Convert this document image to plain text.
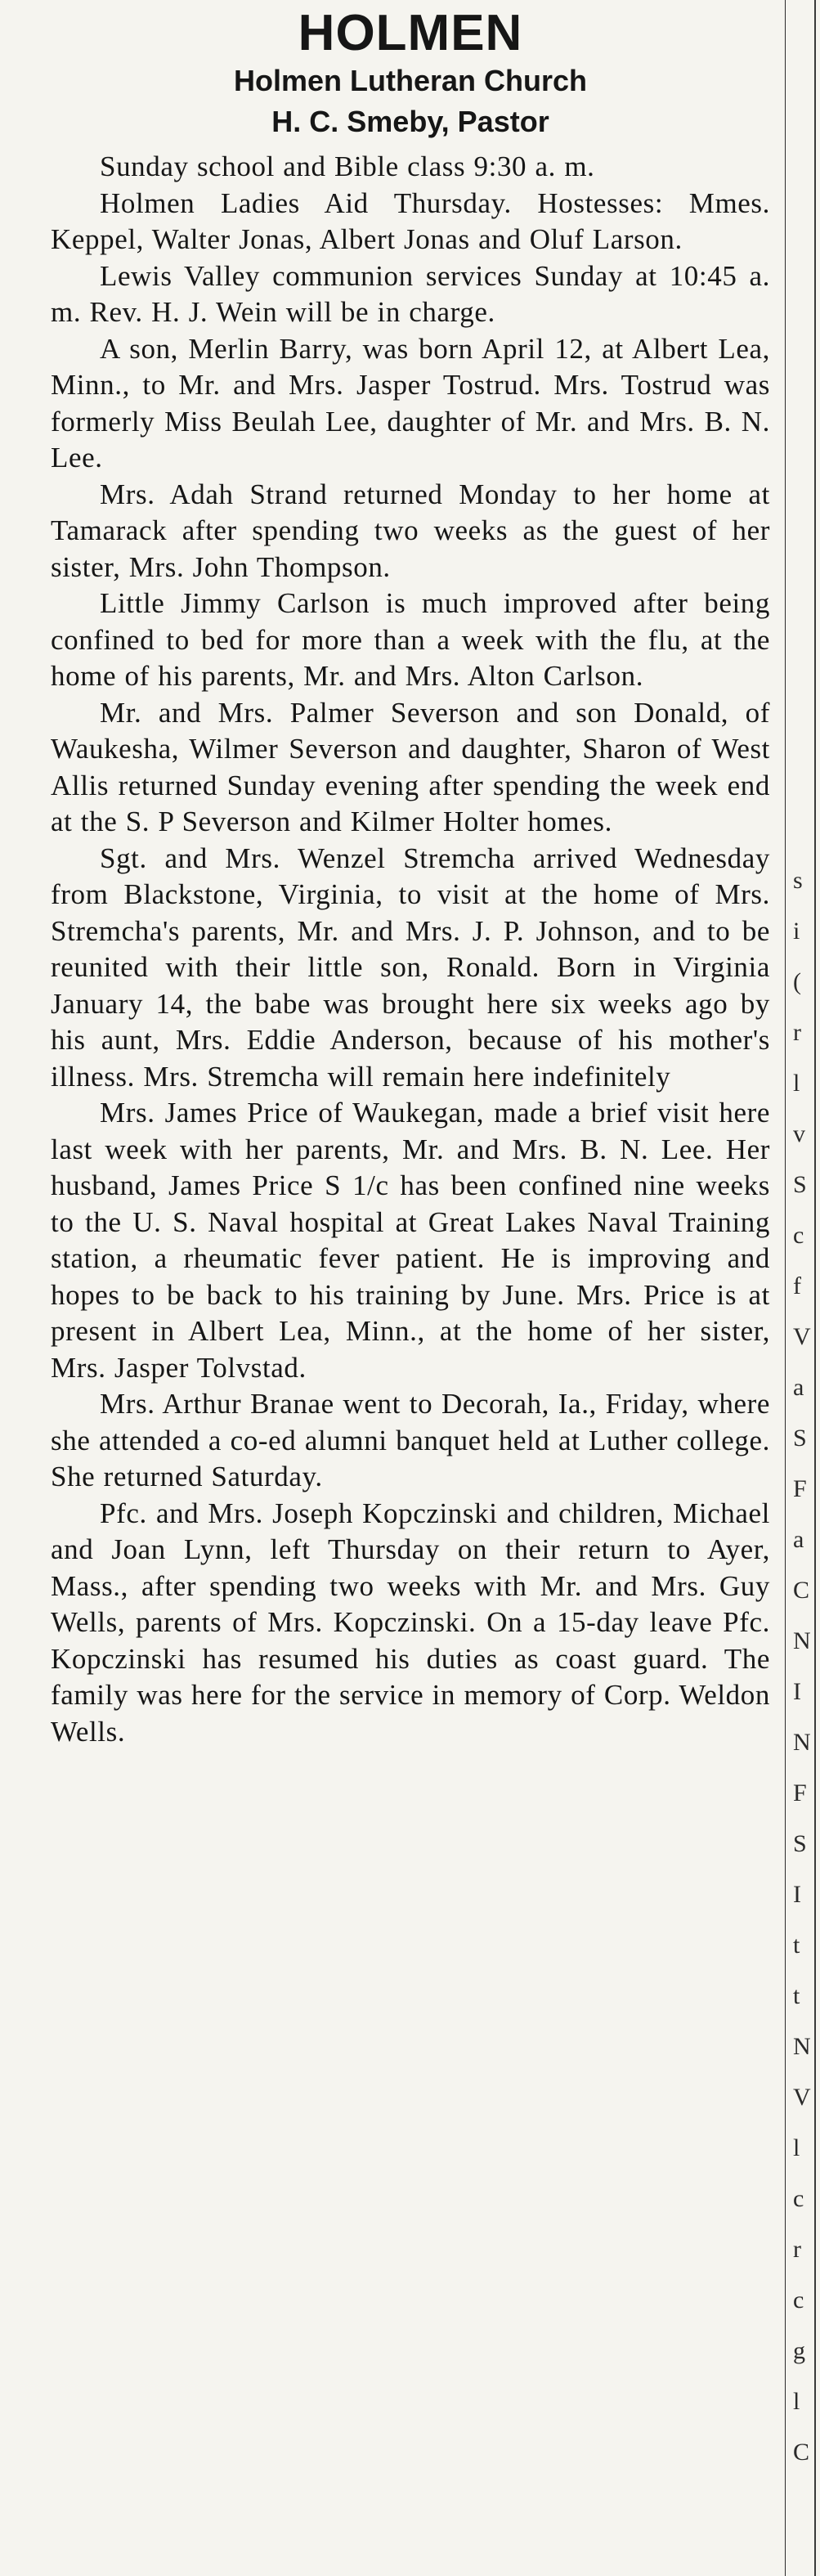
HOLMEN
Holmen Lutheran Church
H. C. Smeby, Pastor

Sunday school and Bible class 9:30 a. m.

Holmen Ladies Aid Thursday. Hostesses: Mmes. Keppel, Walter Jonas, Albert Jonas and Oluf Larson.

Lewis Valley communion services Sunday at 10:45 a. m. Rev. H. J. Wein will be in charge.

A son, Merlin Barry, was born April 12, at Albert Lea, Minn., to Mr. and Mrs. Jasper Tostrud. Mrs. Tostrud was formerly Miss Beulah Lee, daughter of Mr. and Mrs. B. N. Lee.

Mrs. Adah Strand returned Monday to her home at Tamarack after spending two weeks as the guest of her sister, Mrs. John Thompson.

Little Jimmy Carlson is much improved after being confined to bed for more than a week with the flu, at the home of his parents, Mr. and Mrs. Alton Carlson.

Mr. and Mrs. Palmer Severson and son Donald, of Waukesha, Wilmer Severson and daughter, Sharon of West Allis returned Sunday evening after spending the week end at the S. P Severson and Kilmer Holter homes.

Sgt. and Mrs. Wenzel Stremcha arrived Wednesday from Blackstone, Virginia, to visit at the home of Mrs. Stremcha's parents, Mr. and Mrs. J. P. Johnson, and to be reunited with their little son, Ronald. Born in Virginia January 14, the babe was brought here six weeks ago by his aunt, Mrs. Eddie Anderson, because of his mother's illness. Mrs. Stremcha will remain here indefinitely

Mrs. James Price of Waukegan, made a brief visit here last week with her parents, Mr. and Mrs. B. N. Lee. Her husband, James Price S 1/c has been confined nine weeks to the U. S. Naval hospital at Great Lakes Naval Training station, a rheumatic fever patient. He is improving and hopes to be back to his training by June. Mrs. Price is at present in Albert Lea, Minn., at the home of her sister, Mrs. Jasper Tolvstad.

Mrs. Arthur Branae went to Decorah, Ia., Friday, where she attended a co-ed alumni banquet held at Luther college. She returned Saturday.

Pfc. and Mrs. Joseph Kopczinski and children, Michael and Joan Lynn, left Thursday on their return to Ayer, Mass., after spending two weeks with Mr. and Mrs. Guy Wells, parents of Mrs. Kopczinski. On a 15-day leave Pfc. Kopczinski has resumed his duties as coast guard. The family was here for the service in memory of Corp. Weldon Wells.

s
i
(
r
l
v
S
c
f
V
a
S
F
a
C
N
I
N
F
S
I
t
t
N
V
l
c
r
c
g
l
C
